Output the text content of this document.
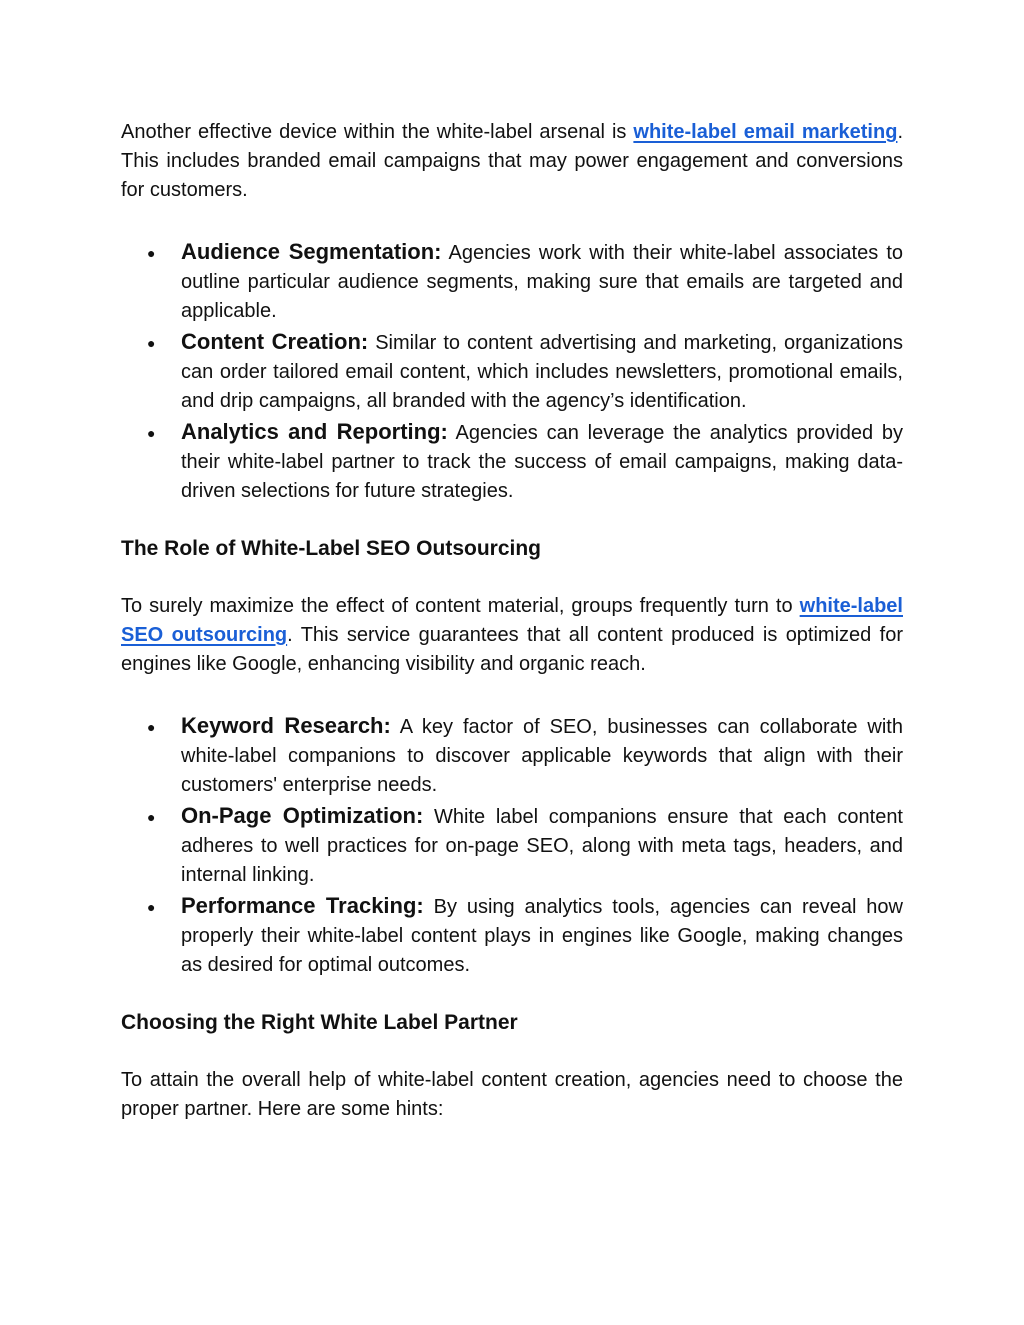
Another effective device within the white-label arsenal is white-label email marketing. This includes branded email campaigns that may power engagement and conversions for customers.

● Audience Segmentation: Agencies work with their white-label associates to outline particular audience segments, making sure that emails are targeted and applicable.
● Content Creation: Similar to content advertising and marketing, organizations can order tailored email content, which includes newsletters, promotional emails, and drip campaigns, all branded with the agency’s identification.
● Analytics and Reporting: Agencies can leverage the analytics provided by their white-label partner to track the success of email campaigns, making data-driven selections for future strategies.
The Role of White-Label SEO Outsourcing

To surely maximize the effect of content material, groups frequently turn to white-label SEO outsourcing. This service guarantees that all content produced is optimized for engines like Google, enhancing visibility and organic reach.

● Keyword Research: A key factor of SEO, businesses can collaborate with white-label companions to discover applicable keywords that align with their customers' enterprise needs.
● On-Page Optimization: White label companions ensure that each content adheres to well practices for on-page SEO, along with meta tags, headers, and internal linking.
● Performance Tracking: By using analytics tools, agencies can reveal how properly their white-label content plays in engines like Google, making changes as desired for optimal outcomes.
Choosing the Right White Label Partner

To attain the overall help of white-label content creation, agencies need to choose the proper partner. Here are some hints:
